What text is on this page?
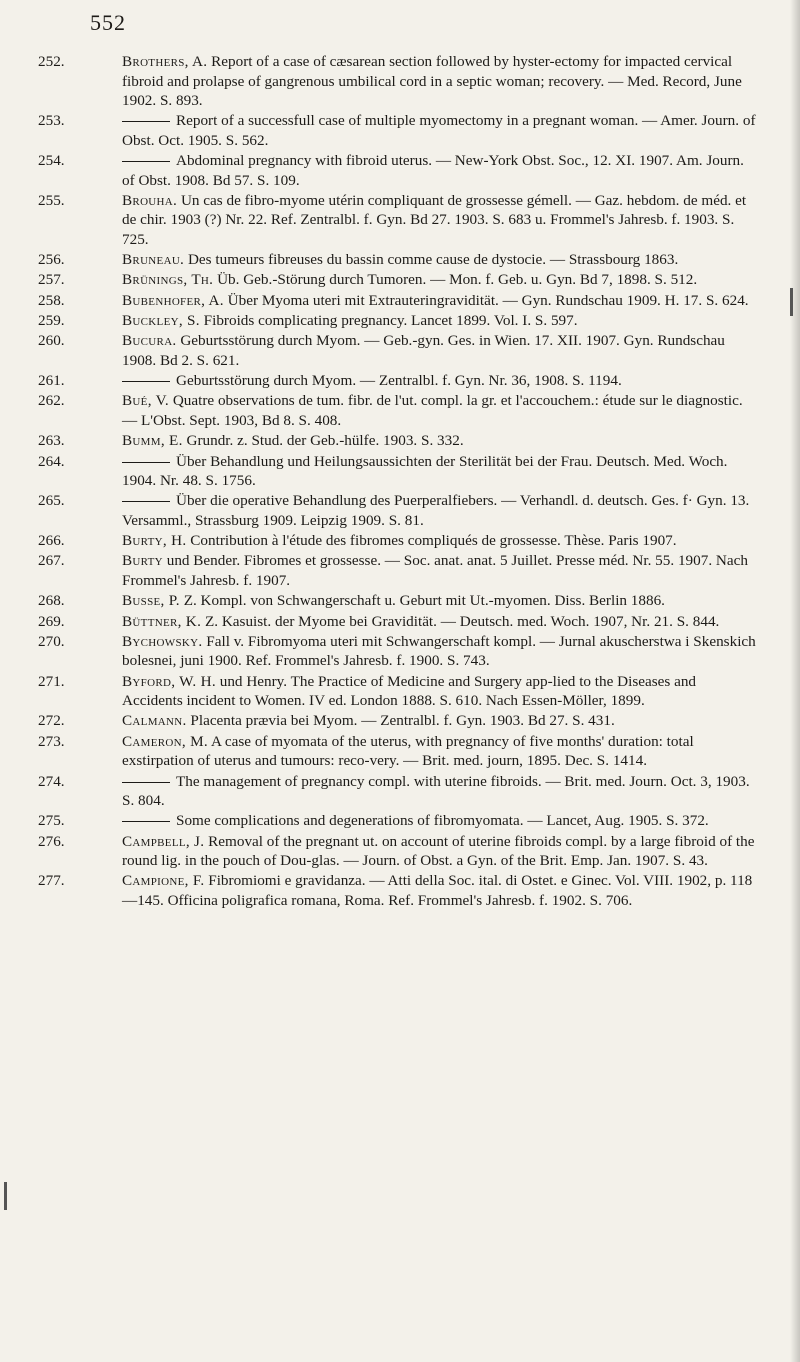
552
252.	Brothers, A. Report of a case of cæsarean section followed by hyster-ectomy for impacted cervical fibroid and prolapse of gangrenous umbilical cord in a septic woman; recovery. — Med. Record, June 1902. S. 893.
253.	Report of a successfull case of multiple myomectomy in a pregnant woman. — Amer. Journ. of Obst. Oct. 1905. S. 562.
254.	Abdominal pregnancy with fibroid uterus. — New-York Obst. Soc., 12. XI. 1907. Am. Journ. of Obst. 1908. Bd 57. S. 109.
255.	Brouha. Un cas de fibro-myome utérin compliquant de grossesse gémell. — Gaz. hebdom. de méd. et de chir. 1903 (?) Nr. 22. Ref. Zentralbl. f. Gyn. Bd 27. 1903. S. 683 u. Frommel's Jahresb. f. 1903. S. 725.
256.	Bruneau. Des tumeurs fibreuses du bassin comme cause de dystocie. — Strassbourg 1863.
257.	Brünings, Th. Üb. Geb.-Störung durch Tumoren. — Mon. f. Geb. u. Gyn. Bd 7, 1898. S. 512.
258.	Bubenhofer, A. Über Myoma uteri mit Extrauteringravidität. — Gyn. Rundschau 1909. H. 17. S. 624.
259.	Buckley, S. Fibroids complicating pregnancy. Lancet 1899. Vol. I. S. 597.
260.	Bucura. Geburtsstörung durch Myom. — Geb.-gyn. Ges. in Wien. 17. XII. 1907. Gyn. Rundschau 1908. Bd 2. S. 621.
261.	Geburtsstörung durch Myom. — Zentralbl. f. Gyn. Nr. 36, 1908. S. 1194.
262.	Bué, V. Quatre observations de tum. fibr. de l'ut. compl. la gr. et l'accouchem.: étude sur le diagnostic. — L'Obst. Sept. 1903, Bd 8. S. 408.
263.	Bumm, E. Grundr. z. Stud. der Geb.-hülfe. 1903. S. 332.
264.	Über Behandlung und Heilungsaussichten der Sterilität bei der Frau. Deutsch. Med. Woch. 1904. Nr. 48. S. 1756.
265.	Über die operative Behandlung des Puerperalfiebers. — Verhandl. d. deutsch. Ges. f· Gyn. 13. Versamml., Strassburg 1909. Leipzig 1909. S. 81.
266.	Burty, H. Contribution à l'étude des fibromes compliqués de grossesse. Thèse. Paris 1907.
267.	Burty und Bender. Fibromes et grossesse. — Soc. anat. anat. 5 Juillet. Presse méd. Nr. 55. 1907. Nach Frommel's Jahresb. f. 1907.
268.	Busse, P. Z. Kompl. von Schwangerschaft u. Geburt mit Ut.-myomen. Diss. Berlin 1886.
269.	Büttner, K. Z. Kasuist. der Myome bei Gravidität. — Deutsch. med. Woch. 1907, Nr. 21. S. 844.
270.	Bychowsky. Fall v. Fibromyoma uteri mit Schwangerschaft kompl. — Jurnal akuscherstwa i Skenskich bolesnei, juni 1900. Ref. Frommel's Jahresb. f. 1900. S. 743.
271.	Byford, W. H. und Henry. The Practice of Medicine and Surgery app-lied to the Diseases and Accidents incident to Women. IV ed. London 1888. S. 610. Nach Essen-Möller, 1899.
272.	Calmann. Placenta prævia bei Myom. — Zentralbl. f. Gyn. 1903. Bd 27. S. 431.
273.	Cameron, M. A case of myomata of the uterus, with pregnancy of five months' duration: total exstirpation of uterus and tumours: reco-very. — Brit. med. journ, 1895. Dec. S. 1414.
274.	The management of pregnancy compl. with uterine fibroids. — Brit. med. Journ. Oct. 3, 1903. S. 804.
275.	Some complications and degenerations of fibromyomata. — Lancet, Aug. 1905. S. 372.
276.	Campbell, J. Removal of the pregnant ut. on account of uterine fibroids compl. by a large fibroid of the round lig. in the pouch of Dou-glas. — Journ. of Obst. a Gyn. of the Brit. Emp. Jan. 1907. S. 43.
277.	Campione, F. Fibromiomi e gravidanza. — Atti della Soc. ital. di Ostet. e Ginec. Vol. VIII. 1902, p. 118—145. Officina poligrafica romana, Roma. Ref. Frommel's Jahresb. f. 1902. S. 706.
